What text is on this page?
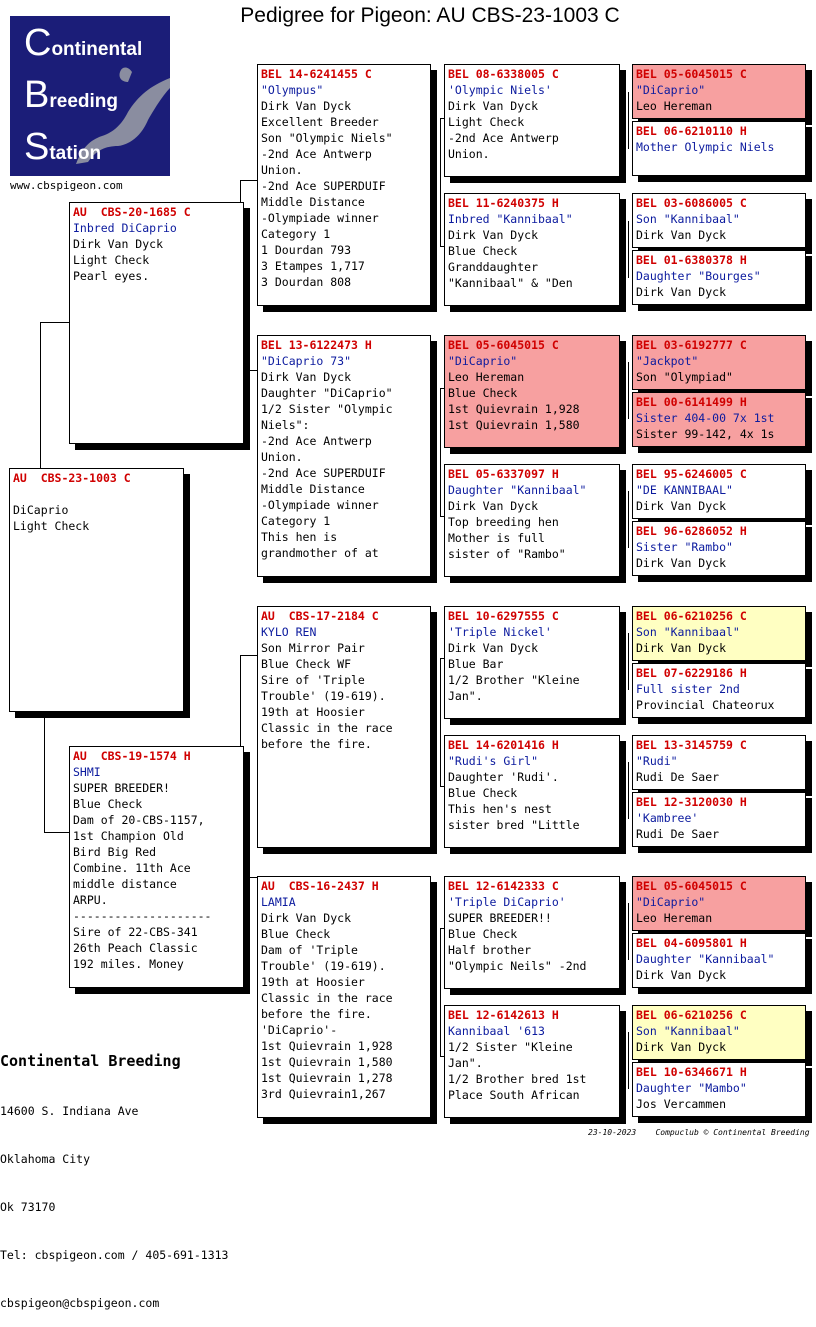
Pedigree for Pigeon: AU CBS-23-1003 C
Continental
Breeding
Station
www.cbspigeon.com
AU  CBS-23-1003 C

DiCaprio
Light Check
AU  CBS-20-1685 C
Inbred DiCaprio
Dirk Van Dyck
Light Check
Pearl eyes.
AU  CBS-19-1574 H
SHMI
SUPER BREEDER!
Blue Check
Dam of 20-CBS-1157,
1st Champion Old
Bird Big Red
Combine. 11th Ace
middle distance
ARPU.
--------------------
Sire of 22-CBS-341
26th Peach Classic
192 miles. Money
BEL 14-6241455 C
"Olympus"
Dirk Van Dyck
Excellent Breeder
Son "Olympic Niels"
-2nd Ace Antwerp
Union.
-2nd Ace SUPERDUIF
Middle Distance
-Olympiade winner
Category 1
1 Dourdan 793
3 Etampes 1,717
3 Dourdan 808
BEL 13-6122473 H
"DiCaprio 73"
Dirk Van Dyck
Daughter "DiCaprio"
1/2 Sister "Olympic
Niels":
-2nd Ace Antwerp
Union.
-2nd Ace SUPERDUIF
Middle Distance
-Olympiade winner
Category 1
This hen is
grandmother of at
AU  CBS-17-2184 C
KYLO REN
Son Mirror Pair
Blue Check WF
Sire of 'Triple
Trouble' (19-619).
19th at Hoosier
Classic in the race
before the fire.
AU  CBS-16-2437 H
LAMIA
Dirk Van Dyck
Blue Check
Dam of 'Triple
Trouble' (19-619).
19th at Hoosier
Classic in the race
before the fire.
'DiCaprio'-
1st Quievrain 1,928
1st Quievrain 1,580
1st Quievrain 1,278
3rd Quievrain1,267
BEL 08-6338005 C
'Olympic Niels'
Dirk Van Dyck
Light Check
-2nd Ace Antwerp
Union.
BEL 11-6240375 H
Inbred "Kannibaal"
Dirk Van Dyck
Blue Check
Granddaughter
"Kannibaal" & "Den
BEL 05-6045015 C
"DiCaprio"
Leo Hereman
Blue Check
1st Quievrain 1,928
1st Quievrain 1,580
BEL 05-6337097 H
Daughter "Kannibaal"
Dirk Van Dyck
Top breeding hen
Mother is full
sister of "Rambo"
BEL 10-6297555 C
'Triple Nickel'
Dirk Van Dyck
Blue Bar
1/2 Brother "Kleine
Jan".
BEL 14-6201416 H
"Rudi's Girl"
Daughter 'Rudi'.
Blue Check
This hen's nest
sister bred "Little
BEL 12-6142333 C
'Triple DiCaprio'
SUPER BREEDER!!
Blue Check
Half brother
"Olympic Neils" -2nd
BEL 12-6142613 H
Kannibaal '613
1/2 Sister "Kleine
Jan".
1/2 Brother bred 1st
Place South African
BEL 05-6045015 C
"DiCaprio"
Leo Hereman
BEL 06-6210110 H
Mother Olympic Niels
BEL 03-6086005 C
Son "Kannibaal"
Dirk Van Dyck
BEL 01-6380378 H
Daughter "Bourges"
Dirk Van Dyck
BEL 03-6192777 C
"Jackpot"
Son "Olympiad"
BEL 00-6141499 H
Sister 404-00 7x 1st
Sister 99-142, 4x 1s
BEL 95-6246005 C
"DE KANNIBAAL"
Dirk Van Dyck
BEL 96-6286052 H
Sister "Rambo"
Dirk Van Dyck
BEL 06-6210256 C
Son "Kannibaal"
Dirk Van Dyck
BEL 07-6229186 H
Full sister 2nd
Provincial Chateorux
BEL 13-3145759 C
"Rudi"
Rudi De Saer
BEL 12-3120030 H
'Kambree'
Rudi De Saer
BEL 05-6045015 C
"DiCaprio"
Leo Hereman
BEL 04-6095801 H
Daughter "Kannibaal"
Dirk Van Dyck
BEL 06-6210256 C
Son "Kannibaal"
Dirk Van Dyck
BEL 10-6346671 H
Daughter "Mambo"
Jos Vercammen

Continental Breeding

14600 S. Indiana Ave

Oklahoma City

Ok 73170

Tel: cbspigeon.com / 405-691-1313

cbspigeon@cbspigeon.com

23-10-2023 Compuclub © Continental Breeding
